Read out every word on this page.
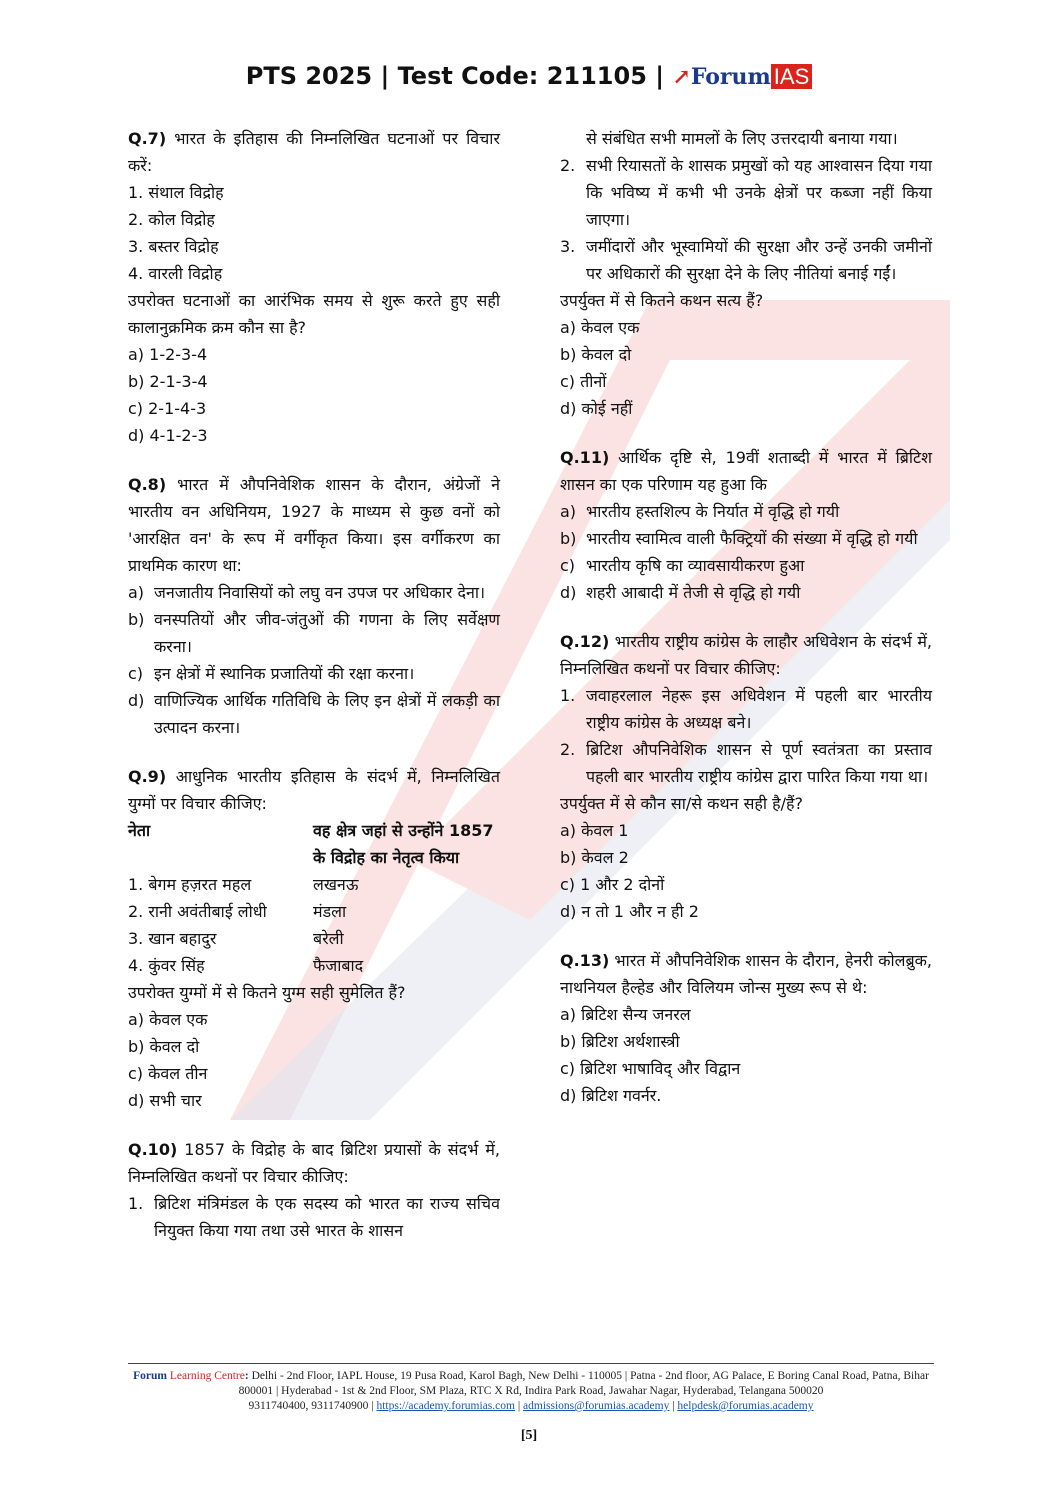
PTS 2025 | Test Code: 211105 | ↗Forum IAS

Q.7) भारत के इतिहास की निम्नलिखित घटनाओं पर विचार करें:

1. संथाल विद्रोह

2. कोल विद्रोह

3. बस्तर विद्रोह

4. वारली विद्रोह

उपरोक्त घटनाओं का आरंभिक समय से शुरू करते हुए सही कालानुक्रमिक क्रम कौन सा है?

a) 1-2-3-4

b) 2-1-3-4

c) 2-1-4-3

d) 4-1-2-3

Q.8) भारत में औपनिवेशिक शासन के दौरान, अंग्रेजों ने भारतीय वन अधिनियम, 1927 के माध्यम से कुछ वनों को 'आरक्षित वन' के रूप में वर्गीकृत किया। इस वर्गीकरण का प्राथमिक कारण था:

a) जनजातीय निवासियों को लघु वन उपज पर अधिकार देना।
b) वनस्पतियों और जीव-जंतुओं की गणना के लिए सर्वेक्षण करना।
c) इन क्षेत्रों में स्थानिक प्रजातियों की रक्षा करना।
d) वाणिज्यिक आर्थिक गतिविधि के लिए इन क्षेत्रों में लकड़ी का उत्पादन करना।

Q.9) आधुनिक भारतीय इतिहास के संदर्भ में, निम्नलिखित युग्मों पर विचार कीजिए:

नेता	वह क्षेत्र जहां से उन्होंने 1857 के विद्रोह का नेतृत्व किया
1. बेगम हज़रत महल	लखनऊ
2. रानी अवंतीबाई लोधी	मंडला
3. खान बहादुर	बरेली
4. कुंवर सिंह	फैजाबाद

उपरोक्त युग्मों में से कितने युग्म सही सुमेलित हैं?

a) केवल एक

b) केवल दो

c) केवल तीन

d) सभी चार

Q.10) 1857 के विद्रोह के बाद ब्रिटिश प्रयासों के संदर्भ में, निम्नलिखित कथनों पर विचार कीजिए:

1. ब्रिटिश मंत्रिमंडल के एक सदस्य को भारत का राज्य सचिव नियुक्त किया गया तथा उसे भारत के शासन
से संबंधित सभी मामलों के लिए उत्तरदायी बनाया गया।
2. सभी रियासतों के शासक प्रमुखों को यह आश्वासन दिया गया कि भविष्य में कभी भी उनके क्षेत्रों पर कब्जा नहीं किया जाएगा।
3. जमींदारों और भूस्वामियों की सुरक्षा और उन्हें उनकी जमीनों पर अधिकारों की सुरक्षा देने के लिए नीतियां बनाई गईं।

उपर्युक्त में से कितने कथन सत्य हैं?

a) केवल एक

b) केवल दो

c) तीनों

d) कोई नहीं

Q.11) आर्थिक दृष्टि से, 19वीं शताब्दी में भारत में ब्रिटिश शासन का एक परिणाम यह हुआ कि

a) भारतीय हस्तशिल्प के निर्यात में वृद्धि हो गयी
b) भारतीय स्वामित्व वाली फैक्ट्रियों की संख्या में वृद्धि हो गयी
c) भारतीय कृषि का व्यावसायीकरण हुआ
d) शहरी आबादी में तेजी से वृद्धि हो गयी

Q.12) भारतीय राष्ट्रीय कांग्रेस के लाहौर अधिवेशन के संदर्भ में, निम्नलिखित कथनों पर विचार कीजिए:

1. जवाहरलाल नेहरू इस अधिवेशन में पहली बार भारतीय राष्ट्रीय कांग्रेस के अध्यक्ष बने।
2. ब्रिटिश औपनिवेशिक शासन से पूर्ण स्वतंत्रता का प्रस्ताव पहली बार भारतीय राष्ट्रीय कांग्रेस द्वारा पारित किया गया था।

उपर्युक्त में से कौन सा/से कथन सही है/हैं?

a) केवल 1

b) केवल 2

c) 1 और 2 दोनों

d) न तो 1 और न ही 2

Q.13) भारत में औपनिवेशिक शासन के दौरान, हेनरी कोलब्रुक, नाथनियल हैल्हेड और विलियम जोन्स मुख्य रूप से थे:

a) ब्रिटिश सैन्य जनरल

b) ब्रिटिश अर्थशास्त्री

c) ब्रिटिश भाषाविद् और विद्वान

d) ब्रिटिश गवर्नर.

Forum Learning Centre: Delhi - 2nd Floor, IAPL House, 19 Pusa Road, Karol Bagh, New Delhi - 110005 | Patna - 2nd floor, AG Palace, E Boring Canal Road, Patna, Bihar 800001 | Hyderabad - 1st & 2nd Floor, SM Plaza, RTC X Rd, Indira Park Road, Jawahar Nagar, Hyderabad, Telangana 500020
9311740400, 9311740900 | https://academy.forumias.com | admissions@forumias.academy | helpdesk@forumias.academy
[5]
